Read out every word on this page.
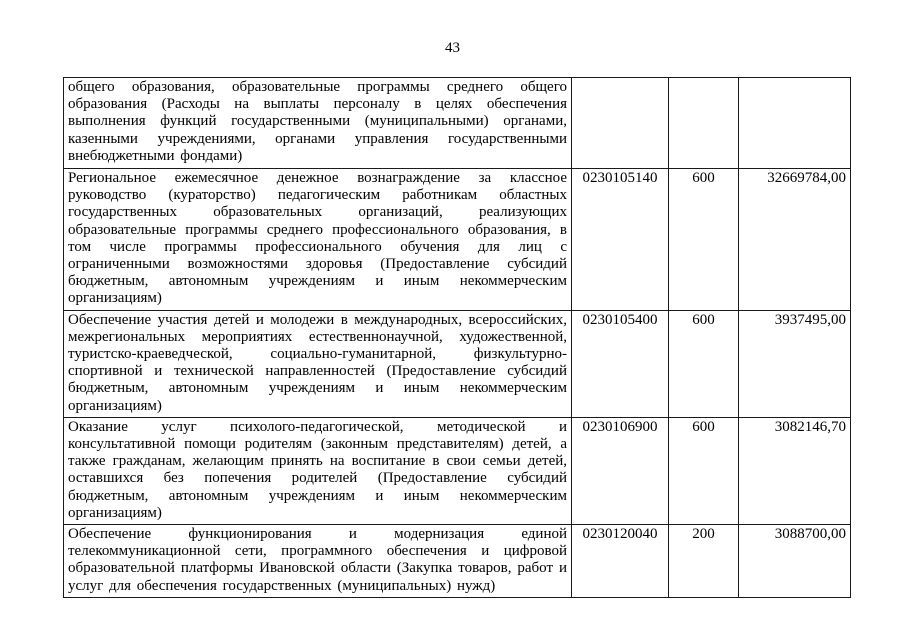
43
общего образования, образовательные программы среднего общего образования (Расходы на выплаты персоналу в целях обеспечения выполнения функций государственными (муниципальными) органами, казенными учреждениями, органами управления государственными внебюджетными фондами)			
Региональное ежемесячное денежное вознаграждение за классное руководство (кураторство) педагогическим работникам областных государственных образовательных организаций, реализующих образовательные программы среднего профессионального образования, в том числе программы профессионального обучения для лиц с ограниченными возможностями здоровья (Предоставление субсидий бюджетным, автономным учреждениям и иным некоммерческим организациям)	0230105140	600	32669784,00
Обеспечение участия детей и молодежи в международных, всероссийских, межрегиональных мероприятиях естественнонаучной, художественной, туристско-краеведческой, социально-гуманитарной, физкультурно-спортивной и технической направленностей (Предоставление субсидий бюджетным, автономным учреждениям и иным некоммерческим организациям)	0230105400	600	3937495,00
Оказание услуг психолого-педагогической, методической и консультативной помощи родителям (законным представителям) детей, а также гражданам, желающим принять на воспитание в свои семьи детей, оставшихся без попечения родителей (Предоставление субсидий бюджетным, автономным учреждениям и иным некоммерческим организациям)	0230106900	600	3082146,70
Обеспечение функционирования и модернизация единой телекоммуникационной сети, программного обеспечения и цифровой образовательной платформы Ивановской области (Закупка товаров, работ и услуг для обеспечения государственных (муниципальных) нужд)	0230120040	200	3088700,00
